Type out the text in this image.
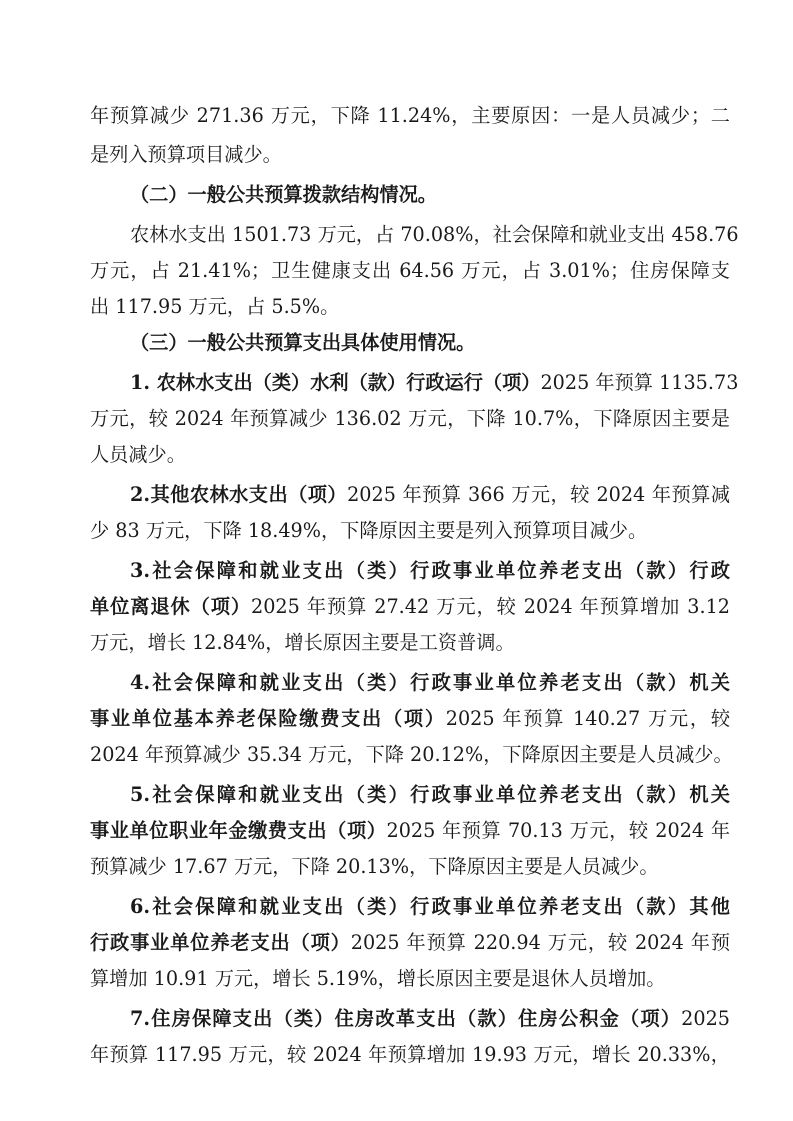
年预算减少 271.36 万元，下降 11.24%，主要原因：一是人员减少；二
是列入预算项目减少。
（二）一般公共预算拨款结构情况。
农林水支出 1501.73 万元，占 70.08%，社会保障和就业支出 458.76
万元，占 21.41%；卫生健康支出 64.56 万元，占 3.01%；住房保障支
出 117.95 万元，占 5.5%。
（三）一般公共预算支出具体使用情况。
1. 农林水支出（类）水利（款）行政运行（项）2025 年预算 1135.73
万元，较 2024 年预算减少 136.02 万元，下降 10.7%，下降原因主要是
人员减少。
2.其他农林水支出（项）2025 年预算 366 万元，较 2024 年预算减
少 83 万元，下降 18.49%，下降原因主要是列入预算项目减少。
3.社会保障和就业支出（类）行政事业单位养老支出（款）行政
单位离退休（项）2025 年预算 27.42 万元，较 2024 年预算增加 3.12
万元，增长 12.84%，增长原因主要是工资普调。
4.社会保障和就业支出（类）行政事业单位养老支出（款）机关
事业单位基本养老保险缴费支出（项）2025 年预算 140.27 万元，较
2024 年预算减少 35.34 万元，下降 20.12%，下降原因主要是人员减少。
5.社会保障和就业支出（类）行政事业单位养老支出（款）机关
事业单位职业年金缴费支出（项）2025 年预算 70.13 万元，较 2024 年
预算减少 17.67 万元，下降 20.13%，下降原因主要是人员减少。
6.社会保障和就业支出（类）行政事业单位养老支出（款）其他
行政事业单位养老支出（项）2025 年预算 220.94 万元，较 2024 年预
算增加 10.91 万元，增长 5.19%，增长原因主要是退休人员增加。
7.住房保障支出（类）住房改革支出（款）住房公积金（项）2025
年预算 117.95 万元，较 2024 年预算增加 19.93 万元，增长 20.33%，
